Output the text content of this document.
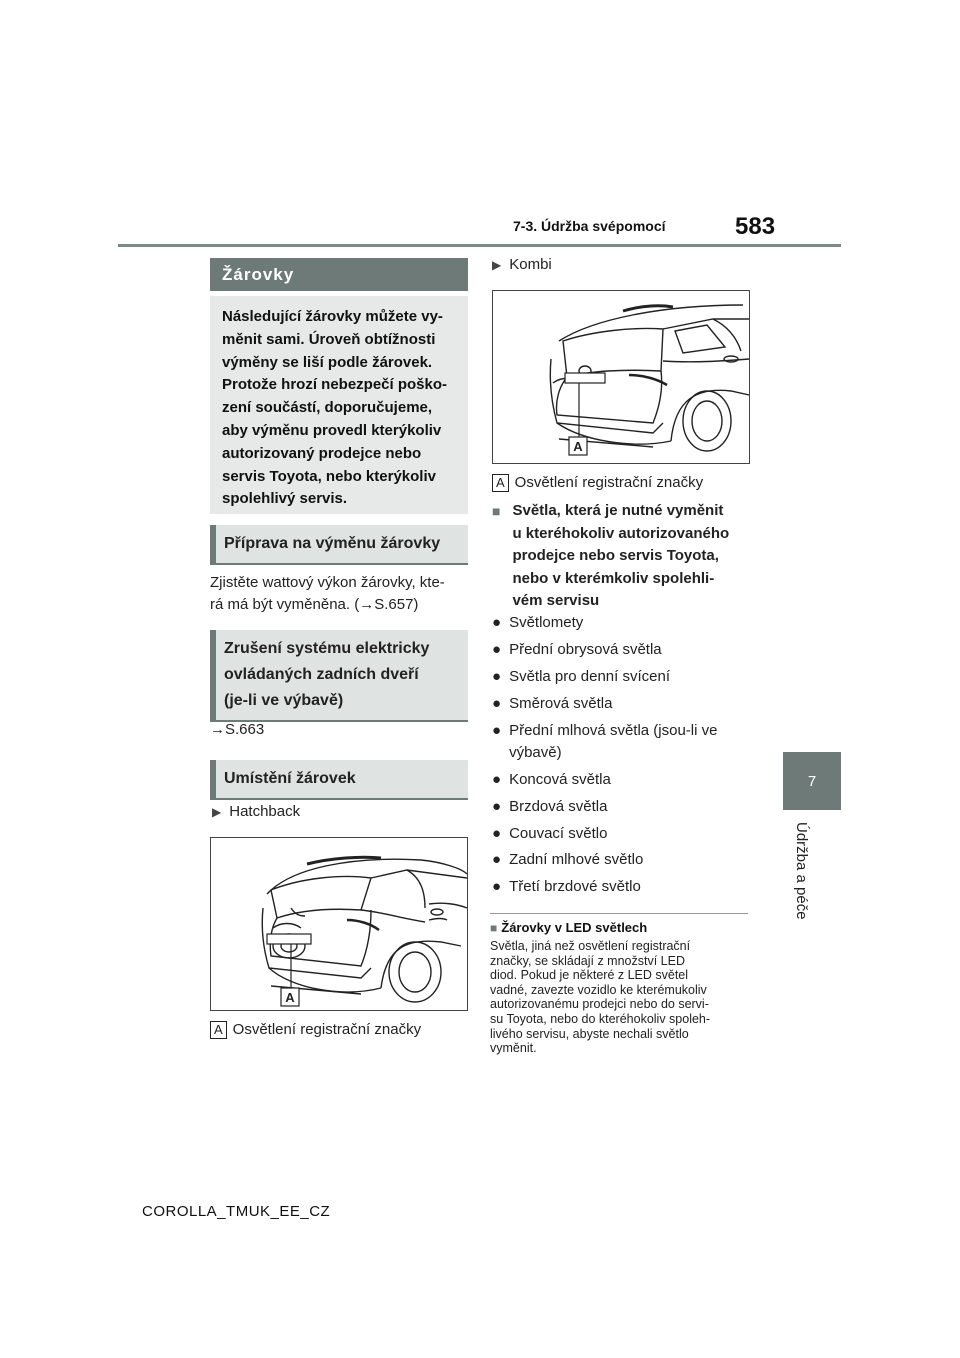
7-3. Údržba svépomocí	583
7
Údržba a péče
Žárovky
Následující žárovky můžete vy-
měnit sami. Úroveň obtížnosti
výměny se liší podle žárovek.
Protože hrozí nebezpečí poško-
zení součástí, doporučujeme,
aby výměnu provedl kterýkoliv
autorizovaný prodejce nebo
servis Toyota, nebo kterýkoliv
spolehlivý servis.
Příprava na výměnu žárovky
Zjistěte wattový výkon žárovky, kte-
rá má být vyměněna. (→S.657)
Zrušení systému elektricky
ovládaných zadních dveří
(je-li ve výbavě)
→S.663
Umístění žárovek
▶ Hatchback
A
A Osvětlení registrační značky
▶ Kombi
A
A Osvětlení registrační značky
■ Světla, která je nutné vyměnit
u kteréhokoliv autorizovaného
prodejce nebo servis Toyota,
nebo v kterémkoliv spolehli-
vém servisu
● Světlomety
● Přední obrysová světla
● Světla pro denní svícení
● Směrová světla
● Přední mlhová světla (jsou-li ve výbavě)
● Koncová světla
● Brzdová světla
● Couvací světlo
● Zadní mlhové světlo
● Třetí brzdové světlo
■ Žárovky v LED světlech
Světla, jiná než osvětlení registrační
značky, se skládají z množství LED
diod. Pokud je některé z LED světel
vadné, zavezte vozidlo ke kterémukoliv
autorizovanému prodejci nebo do servi-
su Toyota, nebo do kteréhokoliv spoleh-
livého servisu, abyste nechali světlo
vyměnit.
COROLLA_TMUK_EE_CZ
